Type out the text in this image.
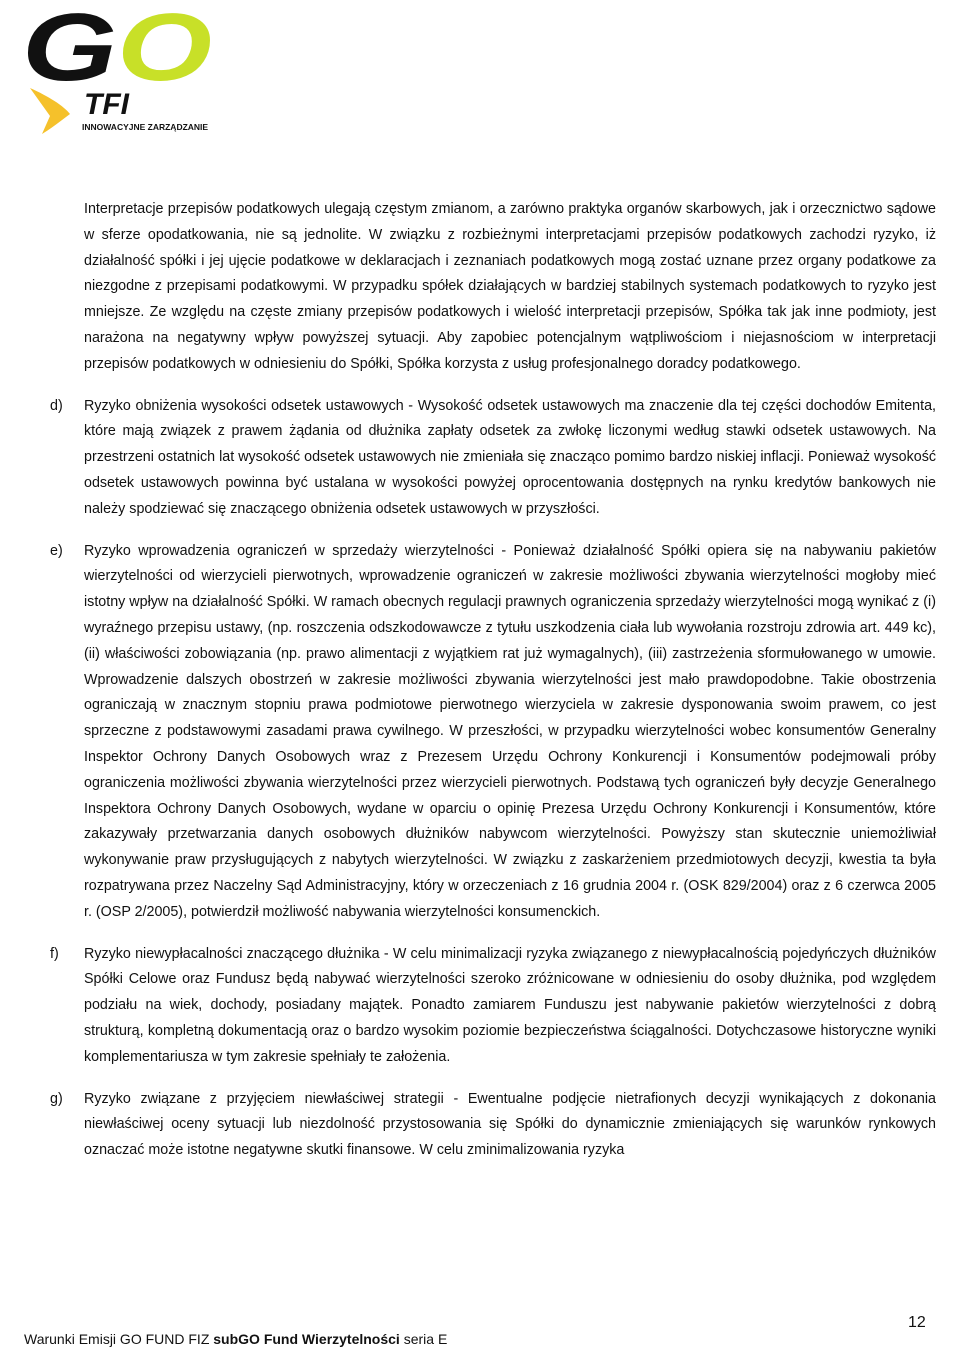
G O
TFI
INNOWACYJNE ZARZĄDZANIE

Interpretacje przepisów podatkowych ulegają częstym zmianom, a zarówno praktyka organów skarbowych, jak i orzecznictwo sądowe w sferze opodatkowania, nie są jednolite. W związku z rozbieżnymi interpretacjami przepisów podatkowych zachodzi ryzyko, iż działalność spółki i jej ujęcie podatkowe w deklaracjach i zeznaniach podatkowych mogą zostać uznane przez organy podatkowe za niezgodne z przepisami podatkowymi. W przypadku spółek działających w bardziej stabilnych systemach podatkowych to ryzyko jest mniejsze. Ze względu na częste zmiany przepisów podatkowych i wielość interpretacji przepisów, Spółka tak jak inne podmioty, jest narażona na negatywny wpływ powyższej sytuacji. Aby zapobiec potencjalnym wątpliwościom i niejasnościom w interpretacji przepisów podatkowych w odniesieniu do Spółki, Spółka korzysta z usług profesjonalnego doradcy podatkowego.

d) Ryzyko obniżenia wysokości odsetek ustawowych - Wysokość odsetek ustawowych ma znaczenie dla tej części dochodów Emitenta, które mają związek z prawem żądania od dłużnika zapłaty odsetek za zwłokę liczonymi według stawki odsetek ustawowych. Na przestrzeni ostatnich lat wysokość odsetek ustawowych nie zmieniała się znacząco pomimo bardzo niskiej inflacji. Ponieważ wysokość odsetek ustawowych powinna być ustalana w wysokości powyżej oprocentowania dostępnych na rynku kredytów bankowych nie należy spodziewać się znaczącego obniżenia odsetek ustawowych w przyszłości.

e) Ryzyko wprowadzenia ograniczeń w sprzedaży wierzytelności - Ponieważ działalność Spółki opiera się na nabywaniu pakietów wierzytelności od wierzycieli pierwotnych, wprowadzenie ograniczeń w zakresie możliwości zbywania wierzytelności mogłoby mieć istotny wpływ na działalność Spółki. W ramach obecnych regulacji prawnych ograniczenia sprzedaży wierzytelności mogą wynikać z (i) wyraźnego przepisu ustawy, (np. roszczenia odszkodowawcze z tytułu uszkodzenia ciała lub wywołania rozstroju zdrowia art. 449 kc), (ii) właściwości zobowiązania (np. prawo alimentacji z wyjątkiem rat już wymagalnych), (iii) zastrzeżenia sformułowanego w umowie. Wprowadzenie dalszych obostrzeń w zakresie możliwości zbywania wierzytelności jest mało prawdopodobne. Takie obostrzenia ograniczają w znacznym stopniu prawa podmiotowe pierwotnego wierzyciela w zakresie dysponowania swoim prawem, co jest sprzeczne z podstawowymi zasadami prawa cywilnego. W przeszłości, w przypadku wierzytelności wobec konsumentów Generalny Inspektor Ochrony Danych Osobowych wraz z Prezesem Urzędu Ochrony Konkurencji i Konsumentów podejmowali próby ograniczenia możliwości zbywania wierzytelności przez wierzycieli pierwotnych. Podstawą tych ograniczeń były decyzje Generalnego Inspektora Ochrony Danych Osobowych, wydane w oparciu o opinię Prezesa Urzędu Ochrony Konkurencji i Konsumentów, które zakazywały przetwarzania danych osobowych dłużników nabywcom wierzytelności. Powyższy stan skutecznie uniemożliwiał wykonywanie praw przysługujących z nabytych wierzytelności. W związku z zaskarżeniem przedmiotowych decyzji, kwestia ta była rozpatrywana przez Naczelny Sąd Administracyjny, który w orzeczeniach z 16 grudnia 2004 r. (OSK 829/2004) oraz z 6 czerwca 2005 r. (OSP 2/2005), potwierdził możliwość nabywania wierzytelności konsumenckich.

f) Ryzyko niewypłacalności znaczącego dłużnika - W celu minimalizacji ryzyka związanego z niewypłacalnością pojedyńczych dłużników Spółki Celowe oraz Fundusz będą nabywać wierzytelności szeroko zróżnicowane w odniesieniu do osoby dłużnika, pod względem podziału na wiek, dochody, posiadany majątek. Ponadto zamiarem Funduszu jest nabywanie pakietów wierzytelności z dobrą strukturą, kompletną dokumentacją oraz o bardzo wysokim poziomie bezpieczeństwa ściągalności. Dotychczasowe historyczne wyniki komplementariusza w tym zakresie spełniały te założenia.

g) Ryzyko związane z przyjęciem niewłaściwej strategii - Ewentualne podjęcie nietrafionych decyzji wynikających z dokonania niewłaściwej oceny sytuacji lub niezdolność przystosowania się Spółki do dynamicznie zmieniających się warunków rynkowych oznaczać może istotne negatywne skutki finansowe. W celu zminimalizowania ryzyka

Warunki Emisji GO FUND FIZ subGO Fund Wierzytelności seria E
12
